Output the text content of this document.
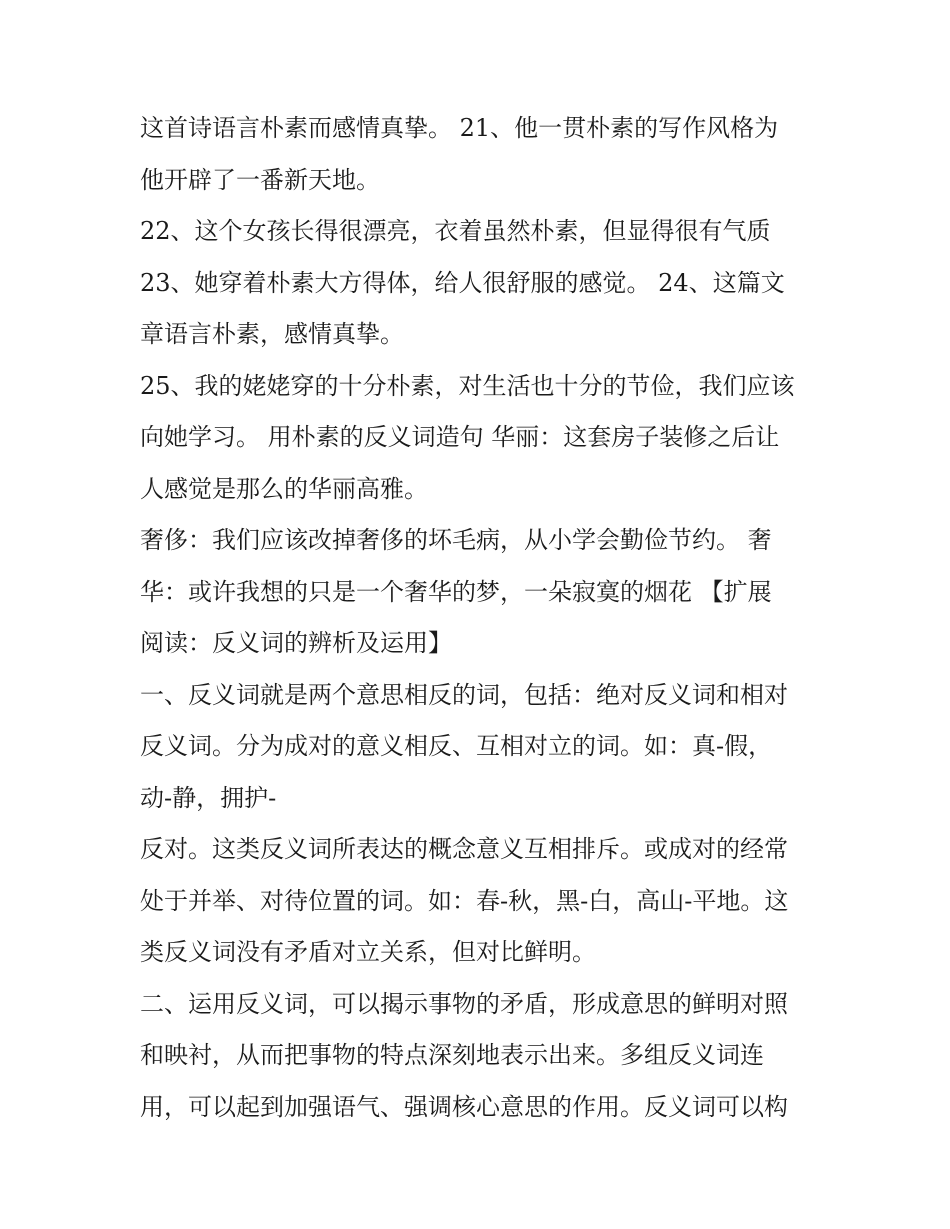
这首诗语言朴素而感情真挚。 21、他一贯朴素的写作风格为
他开辟了一番新天地。
22、这个女孩长得很漂亮，衣着虽然朴素，但显得很有气质
23、她穿着朴素大方得体，给人很舒服的感觉。 24、这篇文
章语言朴素，感情真挚。
25、我的姥姥穿的十分朴素，对生活也十分的节俭，我们应该
向她学习。 用朴素的反义词造句 华丽：这套房子装修之后让
人感觉是那么的华丽高雅。
奢侈：我们应该改掉奢侈的坏毛病，从小学会勤俭节约。 奢
华：或许我想的只是一个奢华的梦，一朵寂寞的烟花 【扩展
阅读：反义词的辨析及运用】
一、反义词就是两个意思相反的词，包括：绝对反义词和相对
反义词。分为成对的意义相反、互相对立的词。如：真-假，
动-静，拥护-
反对。这类反义词所表达的概念意义互相排斥。或成对的经常
处于并举、对待位置的词。如：春-秋，黑-白，高山-平地。这
类反义词没有矛盾对立关系，但对比鲜明。
二、运用反义词，可以揭示事物的矛盾，形成意思的鲜明对照
和映衬，从而把事物的特点深刻地表示出来。多组反义词连
用，可以起到加强语气、强调核心意思的作用。反义词可以构
